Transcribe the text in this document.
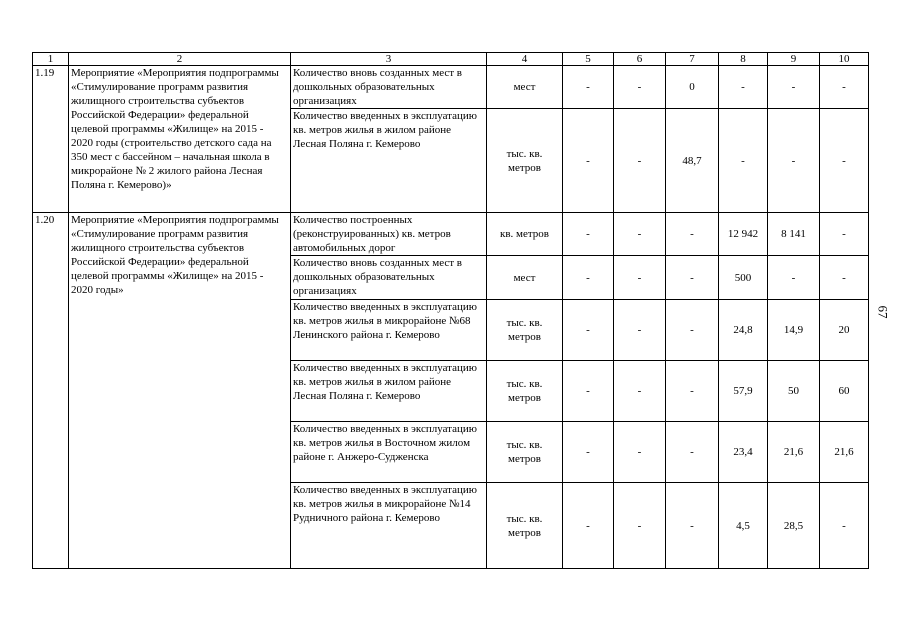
1	2	3	4	5	6	7	8	9	10
1.19	Мероприятие «Мероприятия подпрограммы «Стимулирование программ развития жилищного строительства субъектов Российской Федерации» федеральной целевой программы «Жилище» на 2015 - 2020 годы (строительство детского сада на 350 мест с бассейном – начальная школа в микрорайоне № 2 жилого района Лесная Поляна г. Кемерово)»	Количество вновь созданных мест в дошкольных образовательных организациях	мест	-	-	0	-	-	-
		Количество введенных в эксплуатацию кв. метров жилья в жилом районе Лесная Поляна г. Кемерово	тыс. кв. метров	-	-	48,7	-	-	-
1.20	Мероприятие «Мероприятия подпрограммы «Стимулирование программ развития жилищного строительства субъектов Российской Федерации» федеральной целевой программы «Жилище» на 2015 - 2020 годы»	Количество построенных (реконструированных) кв. метров автомобильных дорог	кв. метров	-	-	-	12 942	8 141	-
		Количество вновь созданных мест в дошкольных образовательных организациях	мест	-	-	-	500	-	-
		Количество введенных в эксплуатацию кв. метров жилья в микрорайоне №68 Ленинского района г. Кемерово	тыс. кв. метров	-	-	-	24,8	14,9	20
		Количество введенных в эксплуатацию кв. метров жилья в жилом районе Лесная Поляна г. Кемерово	тыс. кв. метров	-	-	-	57,9	50	60
		Количество введенных в эксплуатацию кв. метров жилья в Восточном жилом районе г. Анжеро-Судженска	тыс. кв. метров	-	-	-	23,4	21,6	21,6
		Количество введенных в эксплуатацию кв. метров жилья в микрорайоне №14 Рудничного района г. Кемерово	тыс. кв. метров	-	-	-	4,5	28,5	-
67
